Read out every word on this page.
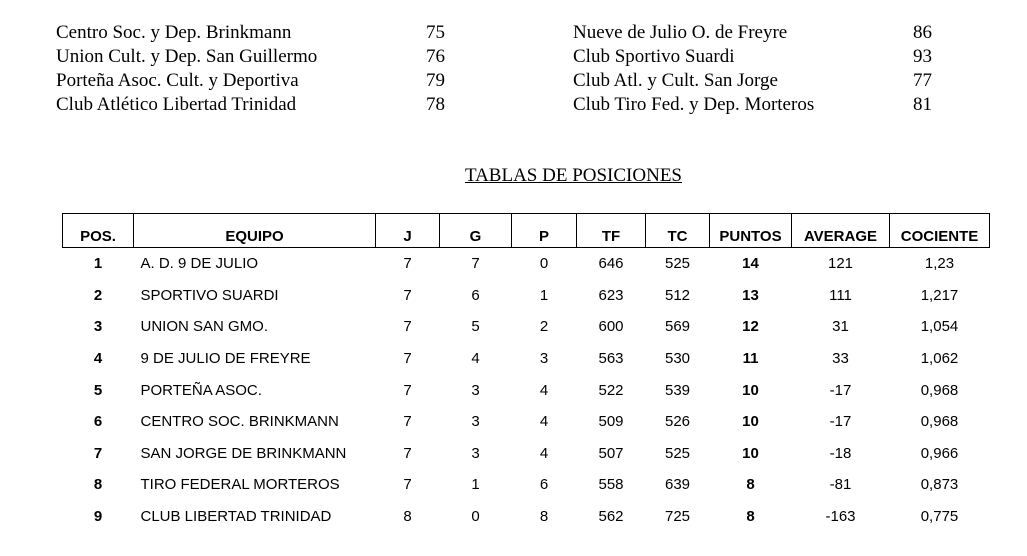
Centro Soc. y Dep. Brinkmann	75
Union Cult. y Dep. San Guillermo	76
Porteña Asoc. Cult. y Deportiva	79
Club Atlético Libertad Trinidad	78
Nueve de Julio O. de Freyre	86
Club Sportivo Suardi	93
Club Atl. y Cult. San Jorge	77
Club Tiro Fed. y Dep. Morteros	81
TABLAS DE POSICIONES
POS.	EQUIPO	J	G	P	TF	TC	PUNTOS	AVERAGE	COCIENTE
1	A. D. 9 DE JULIO	7	7	0	646	525	14	121	1,23
2	SPORTIVO SUARDI	7	6	1	623	512	13	111	1,217
3	UNION SAN GMO.	7	5	2	600	569	12	31	1,054
4	9 DE JULIO DE FREYRE	7	4	3	563	530	11	33	1,062
5	PORTEÑA ASOC.	7	3	4	522	539	10	-17	0,968
6	CENTRO SOC. BRINKMANN	7	3	4	509	526	10	-17	0,968
7	SAN JORGE DE BRINKMANN	7	3	4	507	525	10	-18	0,966
8	TIRO FEDERAL MORTEROS	7	1	6	558	639	8	-81	0,873
9	CLUB LIBERTAD TRINIDAD	8	0	8	562	725	8	-163	0,775
